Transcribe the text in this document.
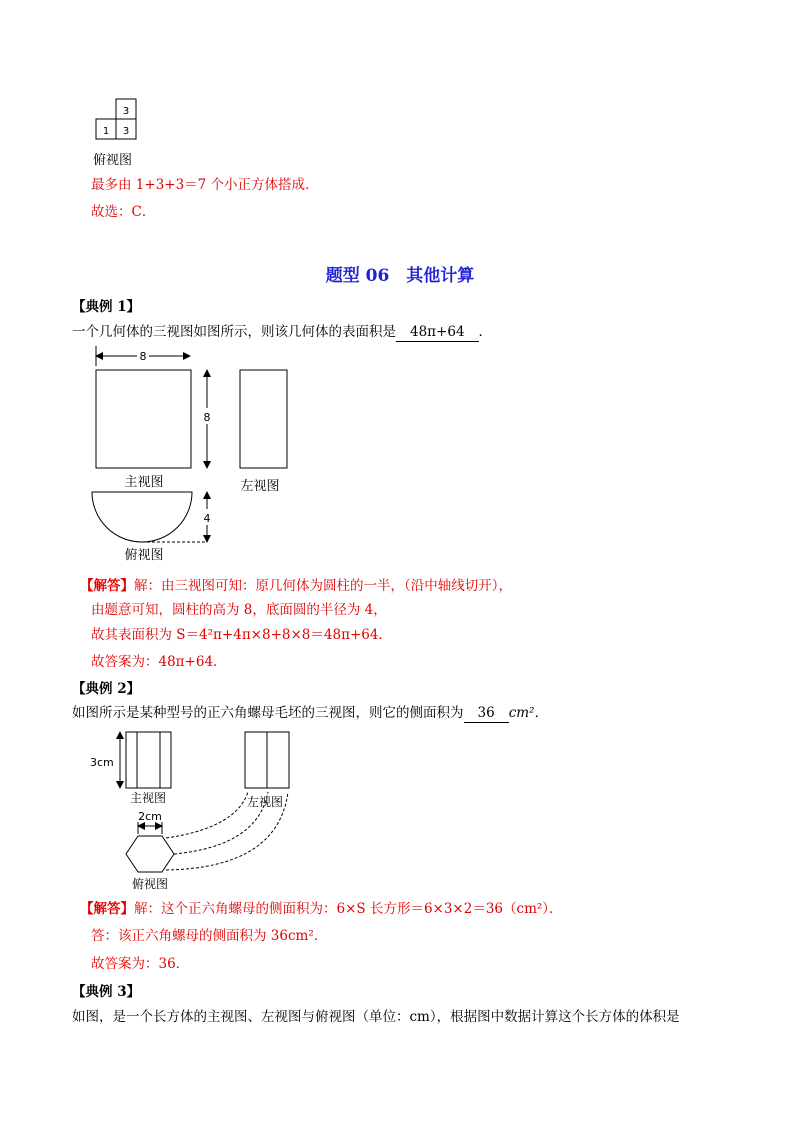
3
1 3
俯视图
最多由 1+3+3＝7 个小正方体搭成．
故选：C．
题型 06　其他计算
【典例 1】
一个几何体的三视图如图所示，则该几何体的表面积是 48π+64 ．
8
8
主视图	左视图
4
俯视图
【解答】解：由三视图可知：原几何体为圆柱的一半，（沿中轴线切开），
由题意可知，圆柱的高为 8，底面圆的半径为 4，
故其表面积为 S＝4²π+4π×8+8×8＝48π+64．
故答案为：48π+64．
【典例 2】
如图所示是某种型号的正六角螺母毛坯的三视图，则它的侧面积为 36 cm²．
3cm
主视图	左视图
2cm
俯视图
【解答】解：这个正六角螺母的侧面积为：6×S 长方形＝6×3×2＝36（cm²）．
答：该正六角螺母的侧面积为 36cm²．
故答案为：36．
【典例 3】
如图，是一个长方体的主视图、左视图与俯视图（单位：cm），根据图中数据计算这个长方体的体积是
